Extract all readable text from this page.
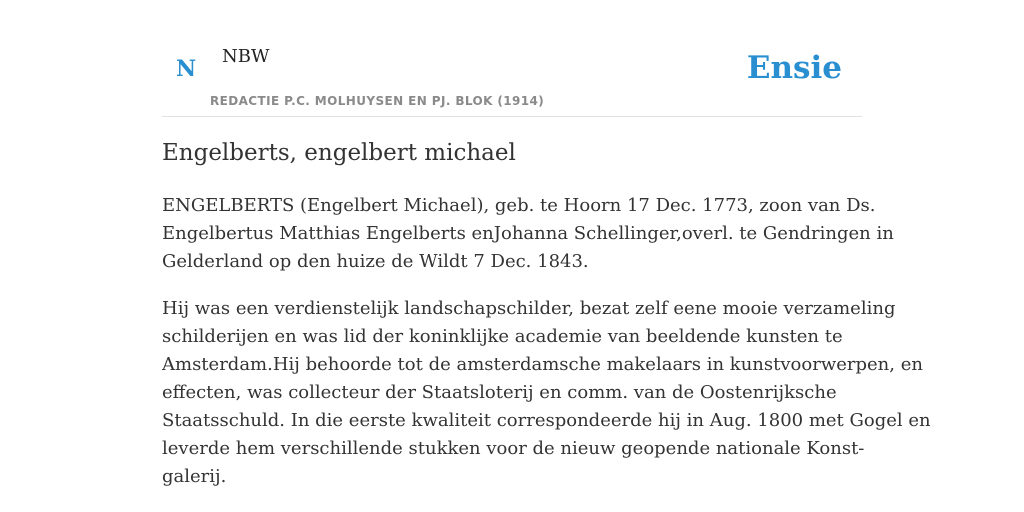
N NBW
REDACTIE P.C. MOLHUYSEN EN PJ. BLOK (1914)
Ensie
Engelberts, engelbert michael

ENGELBERTS (Engelbert Michael), geb. te Hoorn 17 Dec. 1773, zoon van Ds.
Engelbertus Matthias Engelberts enJohanna Schellinger,overl. te Gendringen in
Gelderland op den huize de Wildt 7 Dec. 1843.

Hij was een verdienstelijk landschapschilder, bezat zelf eene mooie verzameling
schilderijen en was lid der koninklijke academie van beeldende kunsten te
Amsterdam.Hij behoorde tot de amsterdamsche makelaars in kunstvoorwerpen, en
effecten, was collecteur der Staatsloterij en comm. van de Oostenrijksche
Staatsschuld. In die eerste kwaliteit correspondeerde hij in Aug. 1800 met Gogel en
leverde hem verschillende stukken voor de nieuw geopende nationale Konst-
galerij.
